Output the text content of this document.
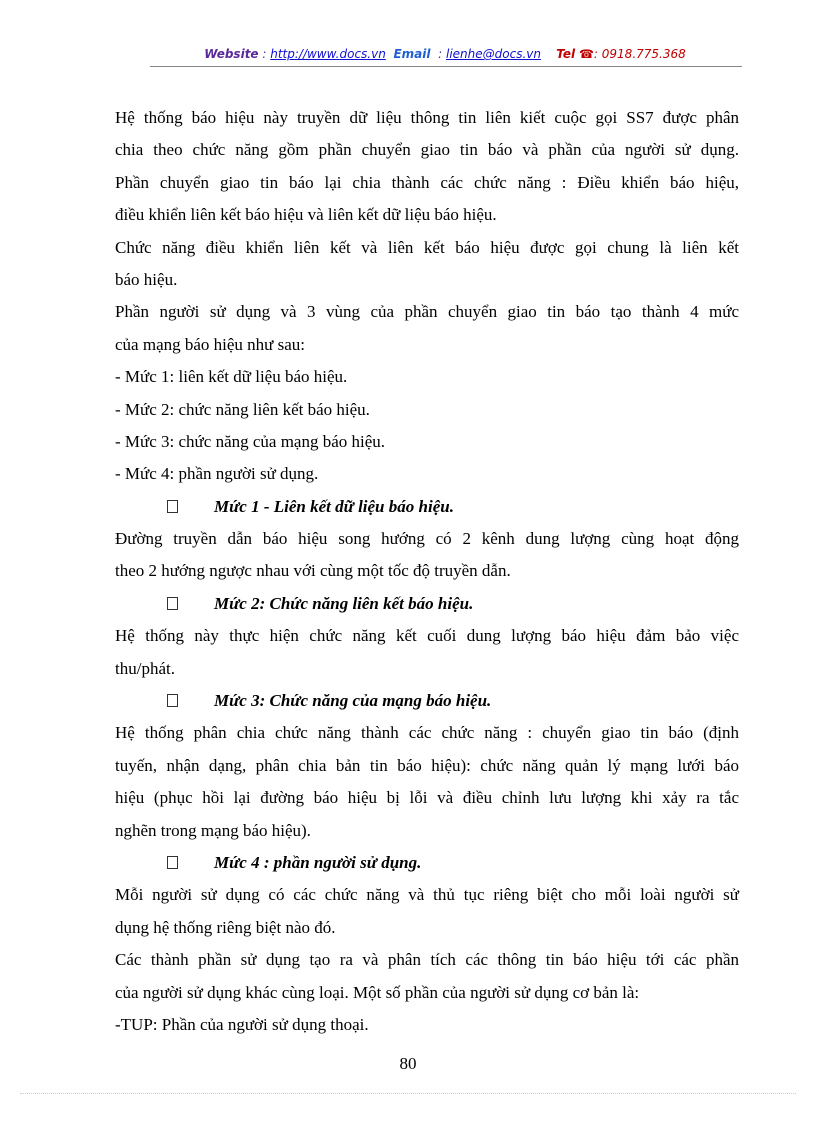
Website : http://www.docs.vn Email  : lienhe@docs.vn Tel ☎: 0918.775.368
Hệ thống báo hiệu này truyền dữ liệu thông tin liên kiết cuộc gọi SS7 được phân
chia theo chức năng gồm phần chuyển giao tin báo và phần của người sử dụng.
Phần chuyển giao tin báo lại chia thành các chức năng : Điều khiển báo hiệu,
điều khiển liên kết báo hiệu và liên kết dữ liệu báo hiệu.
Chức năng điều khiển liên kết và liên kết báo hiệu được gọi chung là liên kết
báo hiệu.
Phần người sử dụng và 3 vùng của phần chuyển giao tin báo tạo thành 4 mức
của mạng báo hiệu như sau:
- Mức 1: liên kết dữ liệu báo hiệu.
- Mức 2: chức năng liên kết báo hiệu.
- Mức 3: chức năng của mạng báo hiệu.
- Mức 4: phần người sử dụng.
Mức 1 - Liên kết dữ liệu báo hiệu.
Đường truyền dẫn báo hiệu song hướng có 2 kênh dung lượng cùng hoạt động
theo 2 hướng ngược nhau với cùng một tốc độ truyền dẫn.
Mức 2: Chức năng liên kết báo hiệu.
Hệ thống này thực hiện chức năng kết cuối dung lượng báo hiệu đảm bảo việc
thu/phát.
Mức 3: Chức năng của mạng báo hiệu.
Hệ thống phân chia chức năng thành các chức năng : chuyển giao tin báo (định
tuyến, nhận dạng, phân chia bản tin báo hiệu): chức năng quản lý mạng lưới báo
hiệu (phục hồi lại đường báo hiệu bị lỗi và điều chỉnh lưu lượng khi xảy ra tắc
nghẽn trong mạng báo hiệu).
Mức 4 : phần người sử dụng.
Mỗi người sử dụng có các chức năng và thủ tục riêng biệt cho mỗi loài người sử
dụng hệ thống riêng biệt nào đó.
Các thành phần sử dụng tạo ra và phân tích các thông tin báo hiệu tới các phần
của người sử dụng khác cùng loại. Một số phần của người sử dụng cơ bản là:
-TUP: Phần của người sử dụng thoại.
80
